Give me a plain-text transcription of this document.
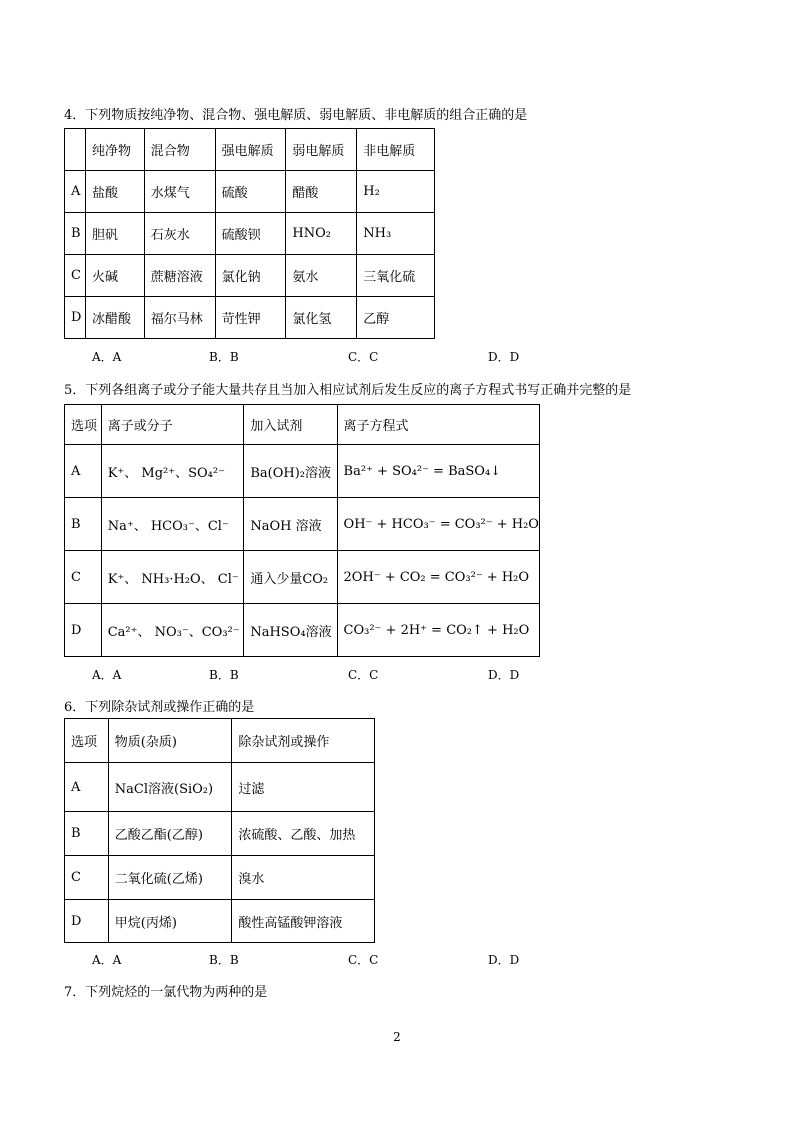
4．下列物质按纯净物、混合物、强电解质、弱电解质、非电解质的组合正确的是
	纯净物	混合物	强电解质	弱电解质	非电解质
A	盐酸	水煤气	硫酸	醋酸	H₂
B	胆矾	石灰水	硫酸钡	HNO₂	NH₃
C	火碱	蔗糖溶液	氯化钠	氨水	三氧化硫
D	冰醋酸	福尔马林	苛性钾	氯化氢	乙醇
A．A	B．B	C．C	D．D
5．下列各组离子或分子能大量共存且当加入相应试剂后发生反应的离子方程式书写正确并完整的是
选项	离子或分子	加入试剂	离子方程式
A	K⁺、 Mg²⁺、SO₄²⁻	Ba(OH)₂溶液	Ba²⁺ + SO₄²⁻ = BaSO₄↓
B	Na⁺、 HCO₃⁻、Cl⁻	NaOH 溶液	OH⁻ + HCO₃⁻ = CO₃²⁻ + H₂O
C	K⁺、 NH₃·H₂O、 Cl⁻	通入少量CO₂	2OH⁻ + CO₂ = CO₃²⁻ + H₂O
D	Ca²⁺、 NO₃⁻、CO₃²⁻	NaHSO₄溶液	CO₃²⁻ + 2H⁺ = CO₂↑ + H₂O
A．A	B．B	C．C	D．D
6．下列除杂试剂或操作正确的是
选项	物质(杂质)	除杂试剂或操作
A	NaCl溶液(SiO₂)	过滤
B	乙酸乙酯(乙醇)	浓硫酸、乙酸、加热
C	二氧化硫(乙烯)	溴水
D	甲烷(丙烯)	酸性高锰酸钾溶液
A．A	B．B	C．C	D．D
7．下列烷烃的一氯代物为两种的是
2
